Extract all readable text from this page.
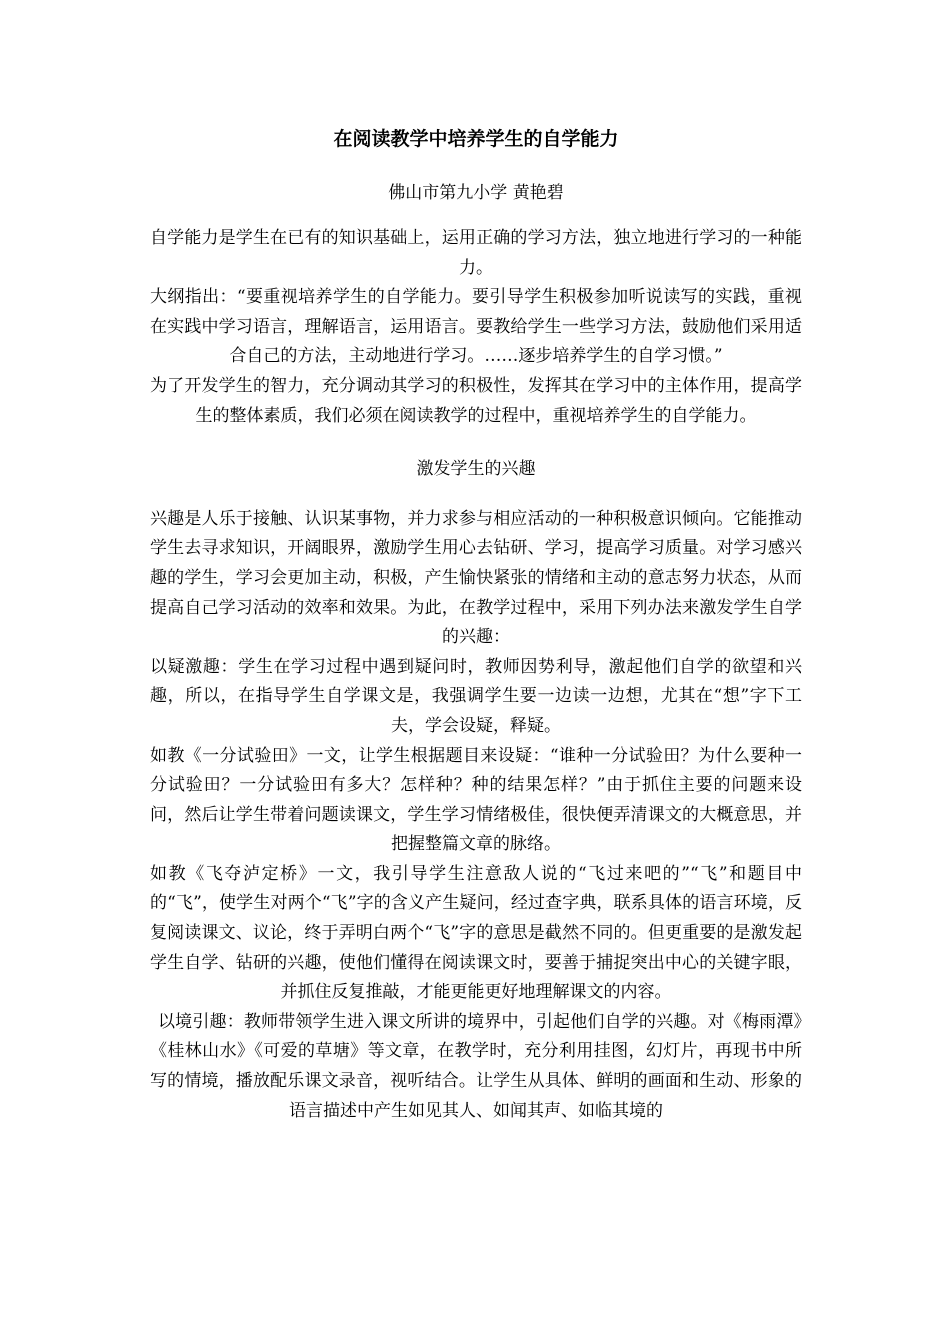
在阅读教学中培养学生的自学能力
佛山市第九小学 黄艳碧

自学能力是学生在已有的知识基础上，运用正确的学习方法，独立地进行学习的一种能力。

大纲指出：“要重视培养学生的自学能力。要引导学生积极参加听说读写的实践，重视在实践中学习语言，理解语言，运用语言。要教给学生一些学习方法，鼓励他们采用适合自己的方法，主动地进行学习。……逐步培养学生的自学习惯。”

为了开发学生的智力，充分调动其学习的积极性，发挥其在学习中的主体作用，提高学生的整体素质，我们必须在阅读教学的过程中，重视培养学生的自学能力。

激发学生的兴趣

兴趣是人乐于接触、认识某事物，并力求参与相应活动的一种积极意识倾向。它能推动学生去寻求知识，开阔眼界，激励学生用心去钻研、学习，提高学习质量。对学习感兴趣的学生，学习会更加主动，积极，产生愉快紧张的情绪和主动的意志努力状态，从而提高自己学习活动的效率和效果。为此，在教学过程中，采用下列办法来激发学生自学的兴趣：

以疑激趣：学生在学习过程中遇到疑问时，教师因势利导，激起他们自学的欲望和兴趣，所以，在指导学生自学课文是，我强调学生要一边读一边想，尤其在“想”字下工夫，学会设疑，释疑。

如教《一分试验田》一文，让学生根据题目来设疑：“谁种一分试验田？为什么要种一分试验田？一分试验田有多大？怎样种？种的结果怎样？”由于抓住主要的问题来设问，然后让学生带着问题读课文，学生学习情绪极佳，很快便弄清课文的大概意思，并把握整篇文章的脉络。

如教《飞夺泸定桥》一文，我引导学生注意敌人说的“飞过来吧的”“飞”和题目中的“飞”，使学生对两个“飞”字的含义产生疑问，经过查字典，联系具体的语言环境，反复阅读课文、议论，终于弄明白两个“飞”字的意思是截然不同的。但更重要的是激发起学生自学、钻研的兴趣，使他们懂得在阅读课文时，要善于捕捉突出中心的关键字眼，并抓住反复推敲，才能更能更好地理解课文的内容。

以境引趣：教师带领学生进入课文所讲的境界中，引起他们自学的兴趣。对《梅雨潭》《桂林山水》《可爱的草塘》等文章，在教学时，充分利用挂图，幻灯片，再现书中所写的情境，播放配乐课文录音，视听结合。让学生从具体、鲜明的画面和生动、形象的语言描述中产生如见其人、如闻其声、如临其境的
